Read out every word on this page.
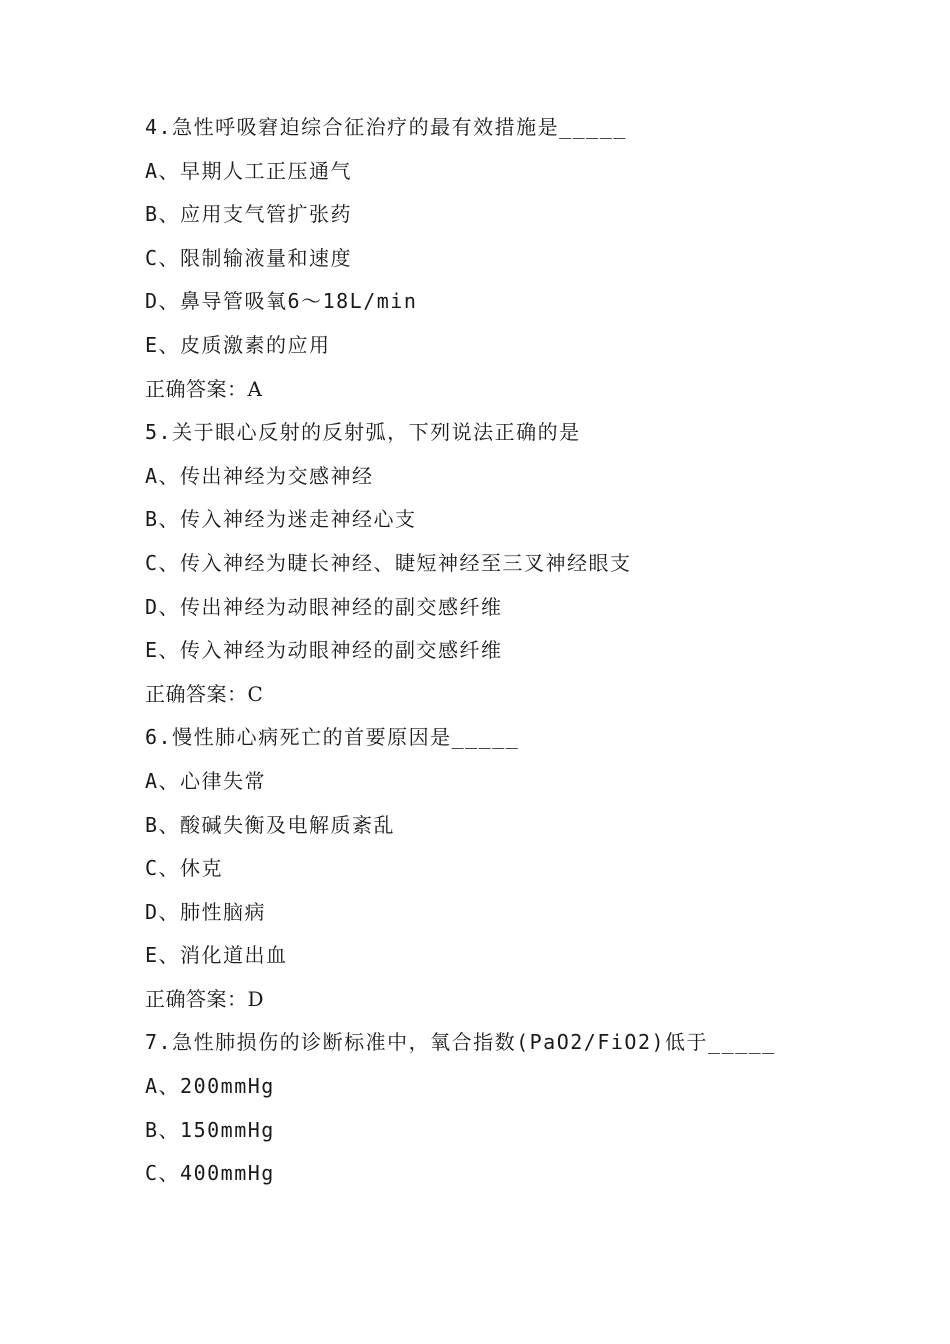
4.急性呼吸窘迫综合征治疗的最有效措施是_____
A、早期人工正压通气
B、应用支气管扩张药
C、限制输液量和速度
D、鼻导管吸氧6～18L/min
E、皮质激素的应用
正确答案：A
5.关于眼心反射的反射弧，下列说法正确的是
A、传出神经为交感神经
B、传入神经为迷走神经心支
C、传入神经为睫长神经、睫短神经至三叉神经眼支
D、传出神经为动眼神经的副交感纤维
E、传入神经为动眼神经的副交感纤维
正确答案：C
6.慢性肺心病死亡的首要原因是_____
A、心律失常
B、酸碱失衡及电解质紊乱
C、休克
D、肺性脑病
E、消化道出血
正确答案：D
7.急性肺损伤的诊断标准中，氧合指数(PaO2/FiO2)低于_____
A、200mmHg
B、150mmHg
C、400mmHg
